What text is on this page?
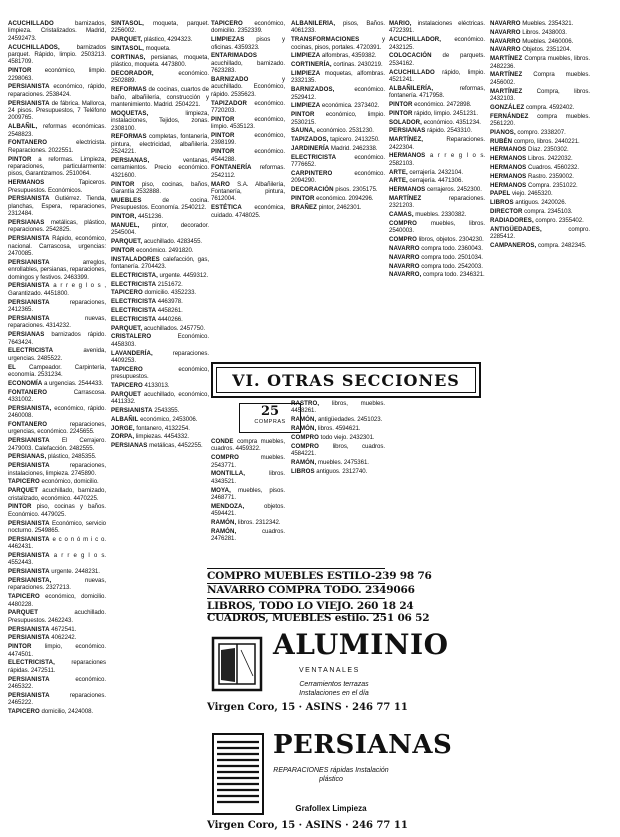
ACUCHILLADO barnizados, limpieza. Cristalizados. Madrid, 24592473.

ACUCHILLADOS, barnizados parquet. Rápido, limpio. 2503213. 4581709.

PINTOR económico, limpio. 2298063.

PERSIANISTA económico, rápido, reparaciones. 2538424.

PERSIANISTA de fábrica. Mallorca, 24 pisos. Presupuestos, 7 Teléfono 2009765.

ALBAÑIL, reformas económicas. 2548823.

FONTANERO electricista. Reparaciones. 2022551.

PINTOR a reformas. Limpieza, reparaciones, particularmente: pisos, Garantizamos. 2510064.

HERMANOS Tapiceros. Presupuestos. Económicos.

PERSIANISTA Gutiérrez. Tienda, planchas, Espera, reparaciones, 2312484.

PERSIANAS metálicas, plástico, reparaciones. 2542825.

PERSIANISTA Rápido, económico, nacional. Carrascosa, urgencias: 2470085.

PERSIANISTA arreglos, enrollables, persianas, reparaciones, domingos y festivos. 2463399.

PERSIANISTA a r r e g l o s , Garantizado. 4451800.

PERSIANISTA reparaciones, 2412365.

PERSIANISTA nuevas, reparaciones. 4314232.

PERSIANAS barnizados rápido. 7643424.

ELECTRICISTA avenida, urgencias. 2485522.

EL Campeador. Carpintería, economía. 2531234.

ECONOMÍA a urgencias. 2544433.

FONTANERO Carrascosa. 4331002.

PERSIANISTA, económico, rápido. 2460008.

FONTANERO reparaciones, urgencias, económico. 2245655.

PERSIANISTA El Cerrajero. 2479003. Calefacción. 2482555.

PERSIANAS, plástico, 2485355.

PERSIANISTA reparaciones, instalaciones, limpieza. 2745890.

TAPICERO económico, domicilio.

PARQUET acuchillado, barnizado, cristalizado, económico. 4470225.

PINTOR piso, cocinas y baños. Económico. 4479025.

PERSIANISTA Económico, servicio nocturno. 2549865.

PERSIANISTA e c o n ó m i c o. 4462431.

PERSIANISTA a r r e g l o s. 4552443.

PERSIANISTA urgente. 2448231.

PERSIANISTA, nuevas, reparaciones. 2327213.

TAPICERO económico, domicilio. 4480228.

PARQUET acuchillado. Presupuestos. 2462243.

PERSIANISTA 4672541.

PERSIANISTA 4062242.

PINTOR limpio, económico. 4474501.

ELECTRICISTA, reparaciones rápidas. 2472511.

PERSIANISTA económico. 2465322.

PERSIANISTA reparaciones. 2465222.

TAPICERO domicilio, 2424008.

SINTASOL, moqueta, parquet. 2256002.

PARQUET, plástico, 4294323.

SINTASOL, moqueta.

CORTINAS, persianas, moqueta, plástico, moqueta. 4473800.

DECORADOR, económico. 2502889.

REFORMAS de cocinas, cuartos de baño, albañilería, construcción y mantenimiento. Madrid. 2504221.

MOQUETAS, limpieza, instalaciones, Tejidos, zonas. 2308100.

REFORMAS completas, fontanería, pintura, electricidad, albañilería. 2524221.

PERSIANAS, ventanas, cerramientos. Precio económico. 4321600.

PINTOR piso, cocinas, baños, Garantía 2532888.

MUEBLES de cocina. Presupuestos. Economía. 2540212.

PINTOR, 4451236.

MANUEL, pintor, decorador. 2545004.

PARQUET, acuchillado. 4283455.

PINTOR económico. 2491820.

INSTALADORES calefacción, gas, fontanería. 2704423.

ELECTRICISTA, urgente. 4459312.

ELECTRICISTA 2151672.

TAPICERO domicilio. 4352233.

ELECTRICISTA 4463978.

ELECTRICISTA 4458261.

ELECTRICISTA 4440266.

PARQUET, acuchillados. 2457750.

CRISTALERO Económico. 4458303.

LAVANDERÍA, reparaciones. 4409253.

TAPICERO económico, presupuestos.

TAPICERO 4133013.

PARQUET acuchillado, económico, 4411332.

PERSIANISTA 2543355.

ALBAÑIL económico, 2453006.

JORGE, fontanero, 4132254.

ZORPA, limpiezas. 4454332.

PERSIANAS metálicas, 4452255.

TAPICERO económico, domicilio. 2352339.

LIMPIEZAS pisos y oficinas. 4359323.

ENTARIMADOS acuchillado, barnizado. 7623283.

BARNIZADO y acuchillado. Económico, rápido. 2535623.

TAPIZADOR económico. 7720203.

PINTOR económico, limpio. 4535123.

PINTOR económico, 2398199.

PINTOR económico. 4544288.

FONTANERÍA reformas. 2542112.

MARO S.A. Albañilería, Fontanería, pintura, 7612004.

ESTÉTICA económica, cuidado. 4748025.

ALBAÑILERÍA, pisos, Baños. 4061233.

TRANSFORMACIONES y cocinas, pisos, portales. 4720391.

LIMPIEZA alfombras, 4359382.

CORTINERÍA, cortinas. 2430219.

LIMPIEZA moquetas, alfombras. 2332135.

BARNIZADOS, económico. 2529412.

LIMPIEZA económica. 2373402.

PINTOR económico, limpio. 2530215.

SAUNA, económico. 2531230.

TAPIZADOS, tapicero. 2413250.

JARDINERÍA Madrid. 2462338.

ELECTRICISTA económico. 7776652.

CARPINTERO económico. 2094290.

DECORACIÓN pisos. 2305175.

PINTOR económico. 2094296.

BRAÑEZ pintor, 2462301.

VI. OTRAS SECCIONES

CONDE compra muebles, cuadros. 4459322.

COMPRO muebles. 2543771.

MONTILLA, libros. 4343521.

MOYA, muebles, pisos. 2468771.

MENDOZA, objetos. 4594421.

RAMÓN, libros. 2312342.

RAMÓN, cuadros. 2476281.

RASTRO, libros, muebles. 4458261.

RAMÓN, antigüedades. 2451023.

RAMÓN, libros. 4594621.

COMPRO todo viejo. 2432301.

COMPRO libros, cuadros. 4584221.

RAMÓN, muebles. 2475361.

LIBROS antiguos. 2312740.

25
COMPRAS
COMPRO MUEBLES ESTILO-239 98 76
NAVARRO COMPRA TODO. 2349066
LIBROS, TODO LO VIEJO. 260 18 24
CUADROS, MUEBLES estilo. 251 06 52
ALUMINIO
VENTANALES
Cerramientos terrazas Instalaciones en el día
Virgen Coro, 15 · ASINS · 246 77 11
PERSIANAS
REPARACIONES rápidas Instalación plástico
Grafollex Limpieza
Virgen Coro, 15 · ASINS · 246 77 11

MARIO, instalaciones eléctricas. 4722391.

ACUCHILLADOR, económico. 2432125.

COLOCACIÓN de parquets. 2534162.

ACUCHILLADO rápido, limpio. 4521241.

ALBAÑILERÍA, reformas, fontanería. 4717958.

PINTOR económico. 2472898.

PINTOR rápido, limpio. 2451231.

SOLADOR, económico. 4351234.

PERSIANAS rápido. 2543310.

MARTÍNEZ, Reparaciones. 2422304.

HERMANOS a r r e g l o s. 2582103.

ARTE, cerrajería. 2432104.

ARTE, cerrajería. 4471306.

HERMANOS cerrajeros. 2452300.

MARTÍNEZ reparaciones. 2321203.

CAMAS, muebles. 2330382.

COMPRO muebles, libros. 2540003.

COMPRO libros, objetos. 2304230.

NAVARRO compra todo. 2360043.

NAVARRO compra todo. 2501034.

NAVARRO compra todo. 2542003.

NAVARRO, compra todo. 2346321.

NAVARRO Muebles. 2354321.

NAVARRO Libros. 2438003.

NAVARRO Muebles. 2460006.

NAVARRO Objetos. 2351204.

MARTÍNEZ Compra muebles, libros. 2482236.

MARTÍNEZ Compra muebles. 2456002.

MARTÍNEZ Compra, libros. 2432103.

GONZÁLEZ compra. 4592402.

FERNÁNDEZ compra muebles. 2561220.

PIANOS, compro. 2338207.

RUBÉN compro, libros. 2440221.

HERMANOS Díaz. 2350302.

HERMANOS Libros. 2422032.

HERMANOS Cuadros. 4560232.

HERMANOS Rastro. 2359002.

HERMANOS Compra. 2351022.

PAPEL viejo. 2465320.

LIBROS antiguos. 2420026.

DIRECTOR compra. 2345103.

RADIADORES, compro. 2355402.

ANTIGÜEDADES, compro. 2285412.

CAMPANEROS, compra. 2482345.
